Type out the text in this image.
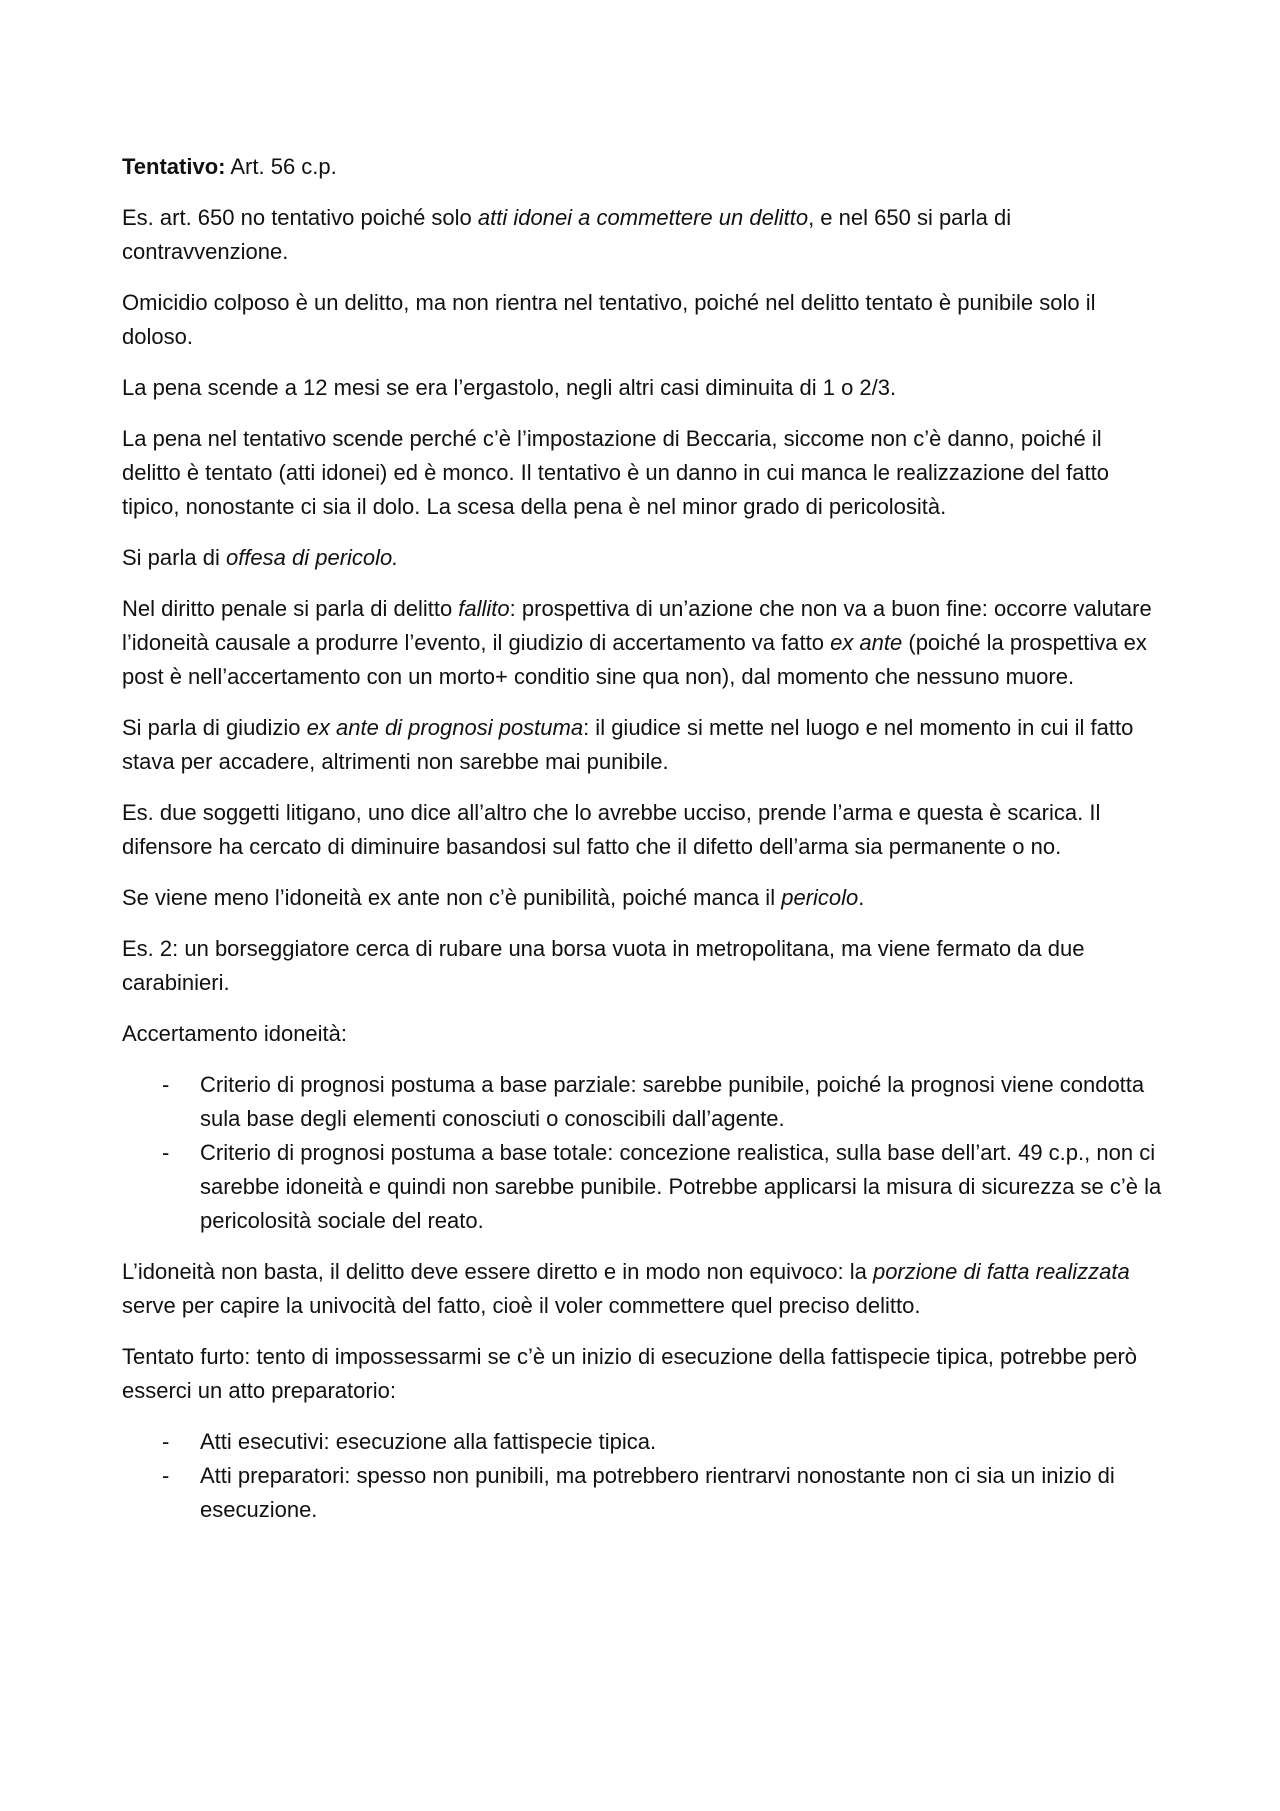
Tentativo: Art. 56 c.p.

Es. art. 650 no tentativo poiché solo atti idonei a commettere un delitto, e nel 650 si parla di contravvenzione.

Omicidio colposo è un delitto, ma non rientra nel tentativo, poiché nel delitto tentato è punibile solo il doloso.

La pena scende a 12 mesi se era l’ergastolo, negli altri casi diminuita di 1 o 2/3.

La pena nel tentativo scende perché c’è l’impostazione di Beccaria, siccome non c’è danno, poiché il delitto è tentato (atti idonei) ed è monco. Il tentativo è un danno in cui manca le realizzazione del fatto tipico, nonostante ci sia il dolo. La scesa della pena è nel minor grado di pericolosità.

Si parla di offesa di pericolo.

Nel diritto penale si parla di delitto fallito: prospettiva di un’azione che non va a buon fine: occorre valutare l’idoneità causale a produrre l’evento, il giudizio di accertamento va fatto ex ante (poiché la prospettiva ex post è nell’accertamento con un morto+ conditio sine qua non), dal momento che nessuno muore.

Si parla di giudizio ex ante di prognosi postuma: il giudice si mette nel luogo e nel momento in cui il fatto stava per accadere, altrimenti non sarebbe mai punibile.

Es. due soggetti litigano, uno dice all’altro che lo avrebbe ucciso, prende l’arma e questa è scarica. Il difensore ha cercato di diminuire basandosi sul fatto che il difetto dell’arma sia permanente o no.

Se viene meno l’idoneità ex ante non c’è punibilità, poiché manca il pericolo.

Es. 2: un borseggiatore cerca di rubare una borsa vuota in metropolitana, ma viene fermato da due carabinieri.

Accertamento idoneità:

- Criterio di prognosi postuma a base parziale: sarebbe punibile, poiché la prognosi viene condotta sula base degli elementi conosciuti o conoscibili dall’agente.
- Criterio di prognosi postuma a base totale: concezione realistica, sulla base dell’art. 49 c.p., non ci sarebbe idoneità e quindi non sarebbe punibile. Potrebbe applicarsi la misura di sicurezza se c’è la pericolosità sociale del reato.

L’idoneità non basta, il delitto deve essere diretto e in modo non equivoco: la porzione di fatta realizzata serve per capire la univocità del fatto, cioè il voler commettere quel preciso delitto.

Tentato furto: tento di impossessarmi se c’è un inizio di esecuzione della fattispecie tipica, potrebbe però esserci un atto preparatorio:

- Atti esecutivi: esecuzione alla fattispecie tipica.
- Atti preparatori: spesso non punibili, ma potrebbero rientrarvi nonostante non ci sia un inizio di esecuzione.
